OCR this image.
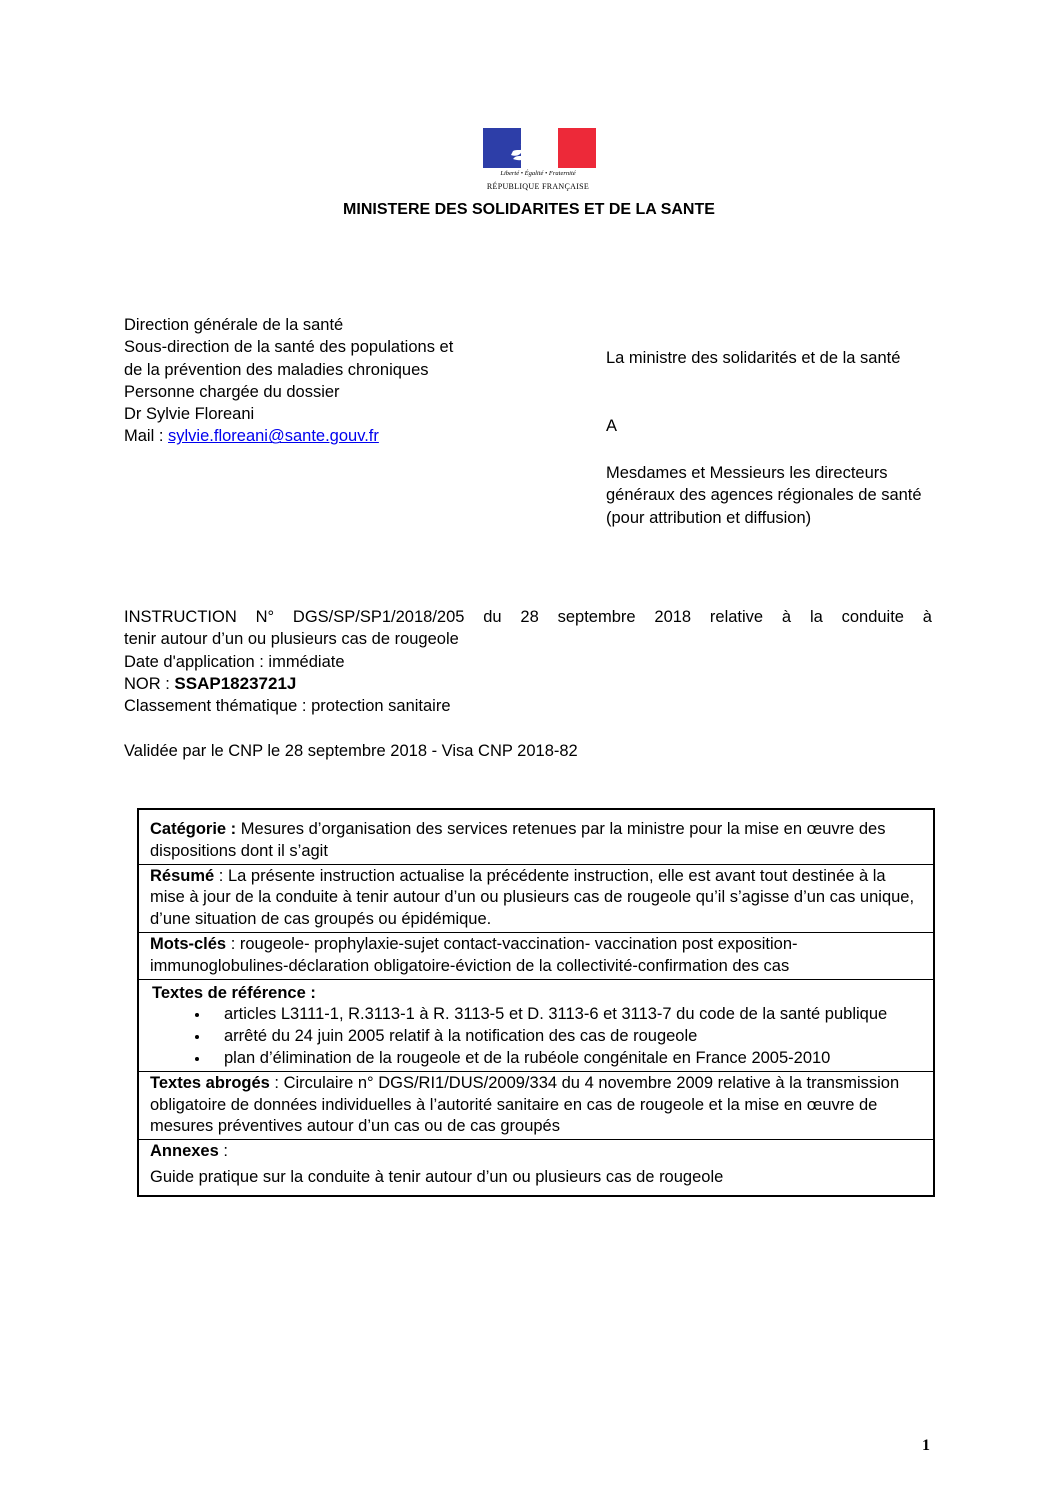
Liberté • Égalité • Fraternité
RÉPUBLIQUE FRANÇAISE
MINISTERE DES SOLIDARITES ET DE LA SANTE
Direction générale de la santé
Sous-direction de la santé des populations et
de la prévention des maladies chroniques
Personne chargée du dossier
Dr Sylvie Floreani
Mail : sylvie.floreani@sante.gouv.fr
La ministre des solidarités et de la santé
A
Mesdames et Messieurs les directeurs
généraux des agences régionales de santé
(pour attribution et diffusion)
INSTRUCTION N° DGS/SP/SP1/2018/205 du 28 septembre 2018 relative à la conduite à
tenir autour d’un ou plusieurs cas de rougeole
Date d'application : immédiate
NOR : SSAP1823721J
Classement thématique : protection sanitaire
Validée par le CNP le 28 septembre 2018 - Visa CNP 2018-82
Catégorie : Mesures d’organisation des services retenues par la ministre pour la mise en œuvre des dispositions dont il s’agit
Résumé : La présente instruction actualise la précédente instruction, elle est avant tout destinée à la mise à jour de la conduite à tenir autour d’un ou plusieurs cas de rougeole qu’il s’agisse d’un cas unique, d’une situation de cas groupés ou épidémique.
Mots-clés : rougeole- prophylaxie-sujet contact-vaccination- vaccination post exposition-immunoglobulines-déclaration obligatoire-éviction de la collectivité-confirmation des cas
Textes de référence :
• articles L3111-1, R.3113-1 à R. 3113-5 et D. 3113-6 et 3113-7 du code de la santé publique
• arrêté du 24 juin 2005 relatif à la notification des cas de rougeole
• plan d’élimination de la rougeole et de la rubéole congénitale en France 2005-2010
Textes abrogés : Circulaire n° DGS/RI1/DUS/2009/334 du 4 novembre 2009 relative à la transmission obligatoire de données individuelles à l’autorité sanitaire en cas de rougeole et la mise en œuvre de mesures préventives autour d’un cas ou de cas groupés
Annexes :
Guide pratique sur la conduite à tenir autour d’un ou plusieurs cas de rougeole
1
